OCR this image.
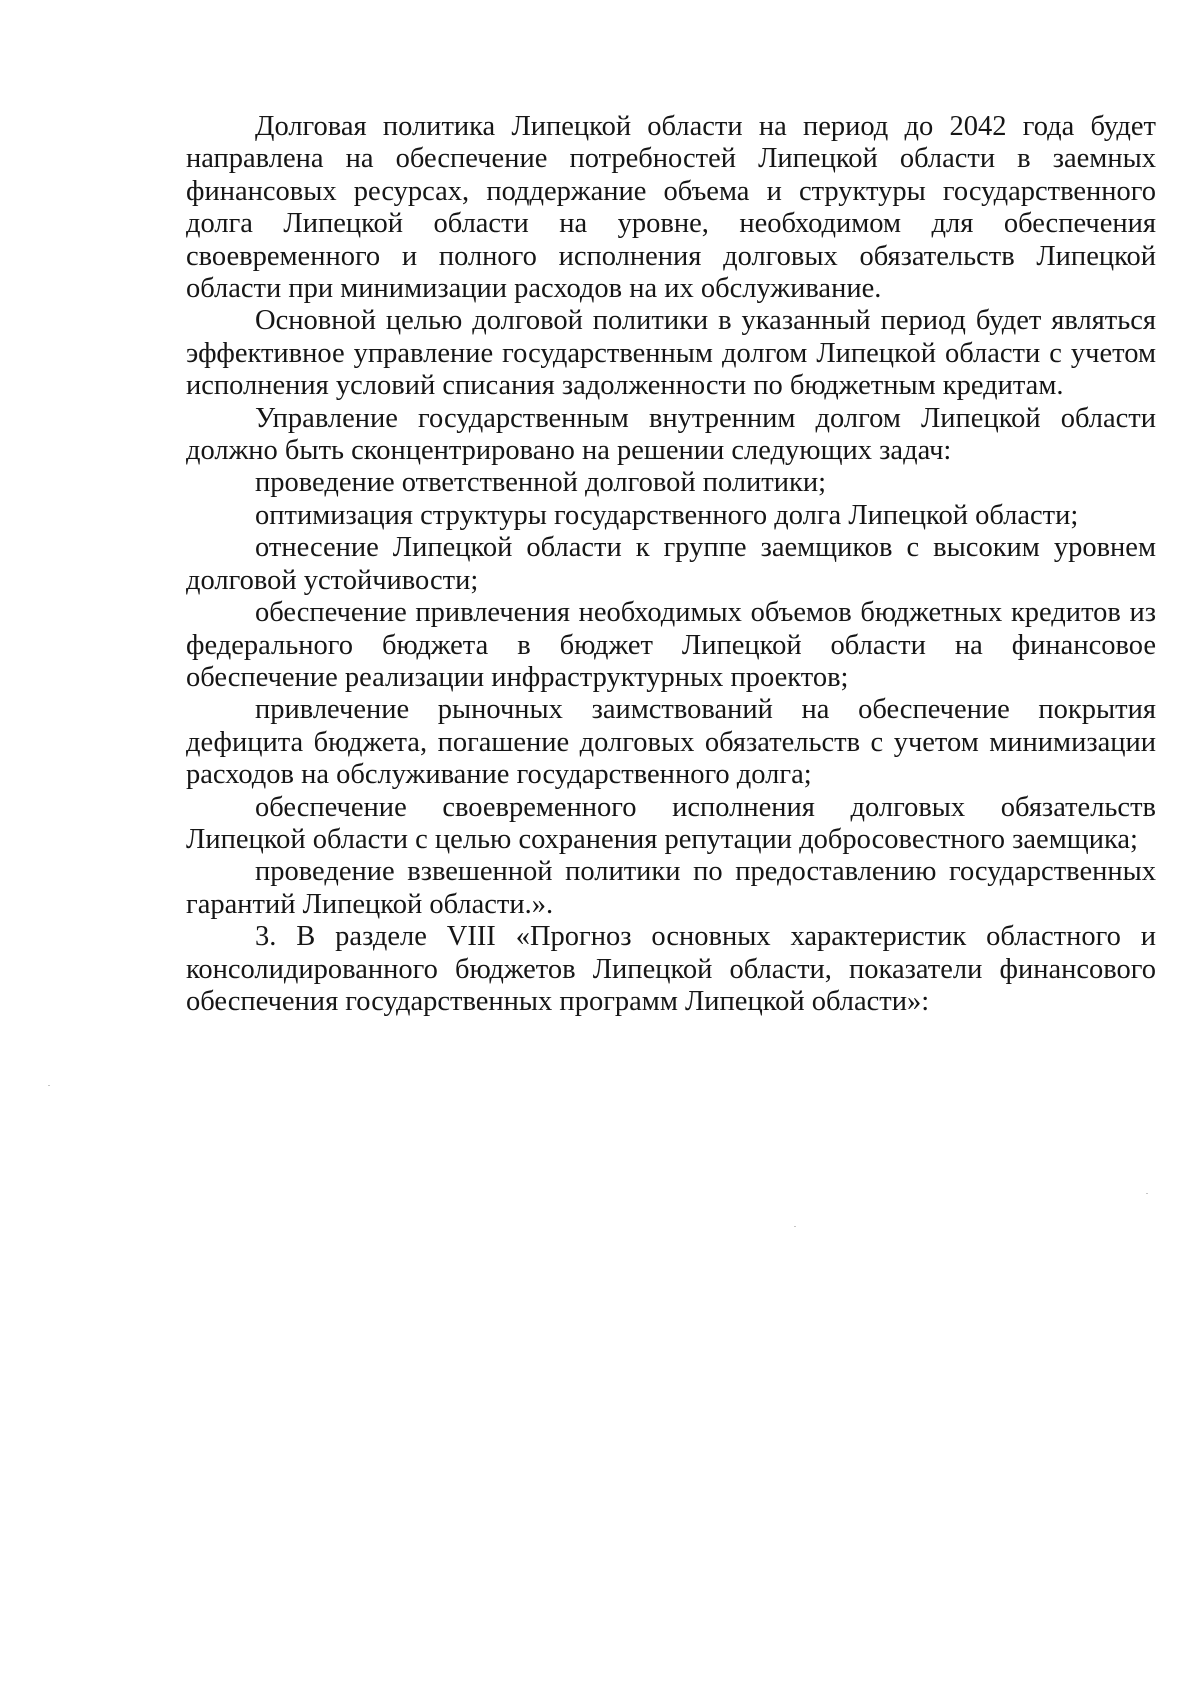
Долговая политика Липецкой области на период до 2042 года будет направлена на обеспечение потребностей Липецкой области в заемных финансовых ресурсах, поддержание объема и структуры государственного долга Липецкой области на уровне, необходимом для обеспечения своевременного и полного исполнения долговых обязательств Липецкой области при минимизации расходов на их обслуживание.

Основной целью долговой политики в указанный период будет являться эффективное управление государственным долгом Липецкой области с учетом исполнения условий списания задолженности по бюджетным кредитам.

Управление государственным внутренним долгом Липецкой области должно быть сконцентрировано на решении следующих задач:

проведение ответственной долговой политики;

оптимизация структуры государственного долга Липецкой области;

отнесение Липецкой области к группе заемщиков с высоким уровнем долговой устойчивости;

обеспечение привлечения необходимых объемов бюджетных кредитов из федерального бюджета в бюджет Липецкой области на финансовое обеспечение реализации инфраструктурных проектов;

привлечение рыночных заимствований на обеспечение покрытия дефицита бюджета, погашение долговых обязательств с учетом минимизации расходов на обслуживание государственного долга;

обеспечение своевременного исполнения долговых обязательств Липецкой области с целью сохранения репутации добросовестного заемщика;

проведение взвешенной политики по предоставлению государственных гарантий Липецкой области.».

3. В разделе VIII «Прогноз основных характеристик областного и консолидированного бюджетов Липецкой области, показатели финансового обеспечения государственных программ Липецкой области»:
